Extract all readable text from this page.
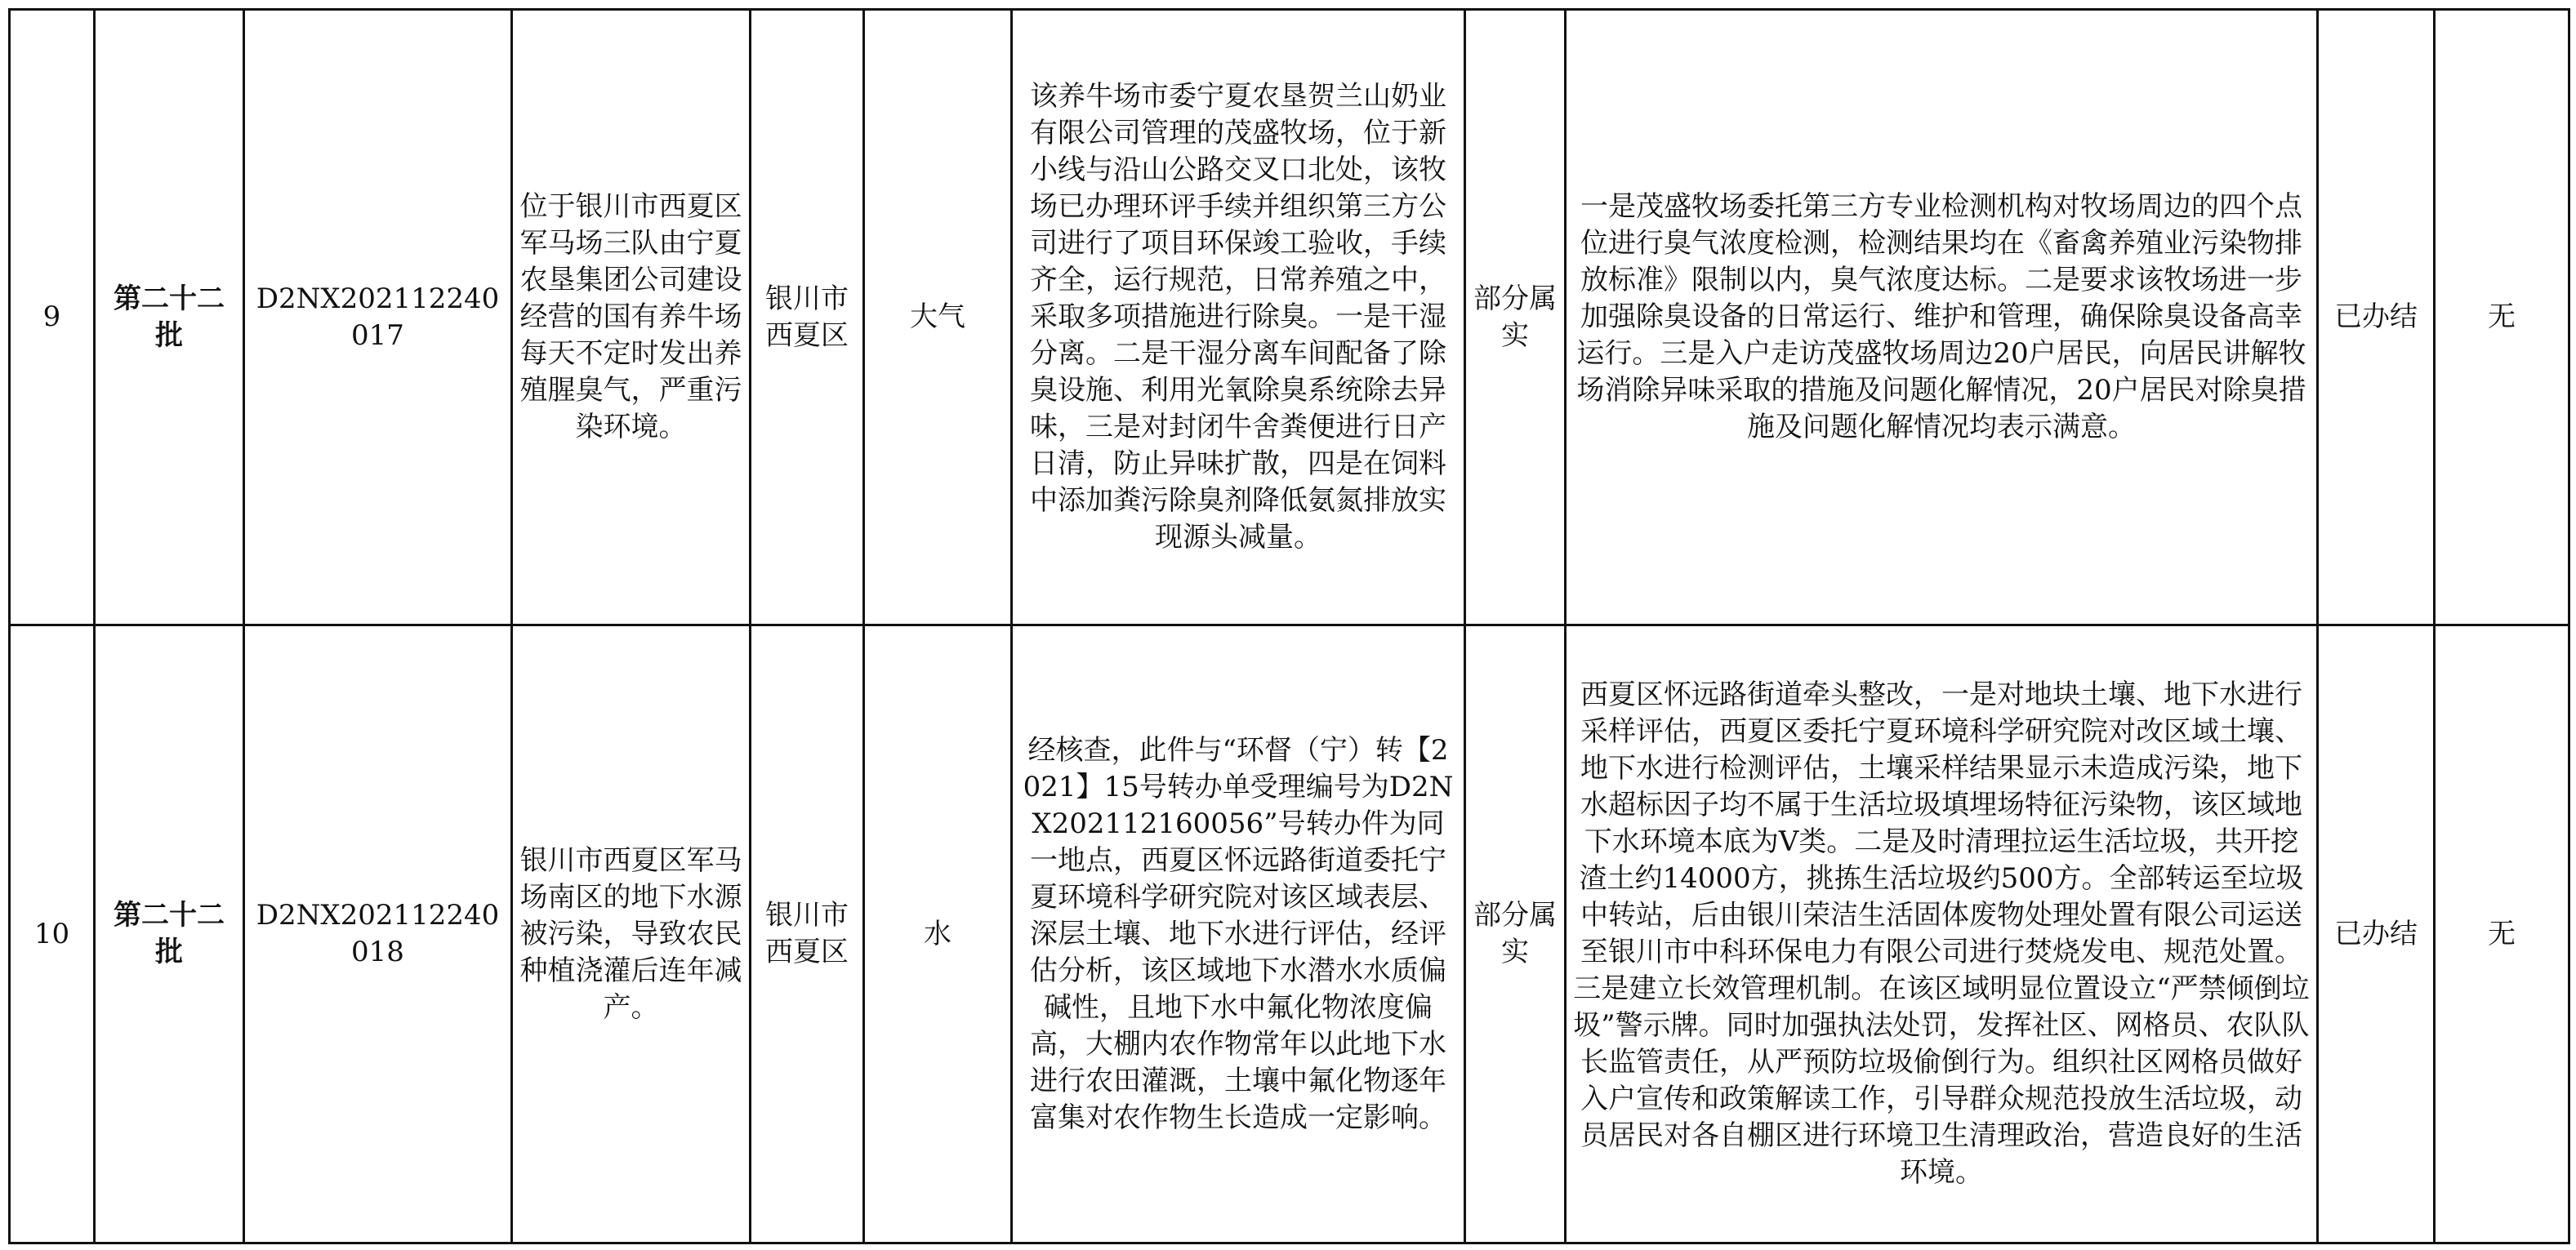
9	第二十二批	D2NX202112240017	位于银川市西夏区军马场三队由宁夏农垦集团公司建设经营的国有养牛场每天不定时发出养殖腥臭气，严重污染环境。	银川市西夏区	大气	该养牛场市委宁夏农垦贺兰山奶业有限公司管理的茂盛牧场，位于新小线与沿山公路交叉口北处，该牧场已办理环评手续并组织第三方公司进行了项目环保竣工验收，手续齐全，运行规范，日常养殖之中，采取多项措施进行除臭。一是干湿分离。二是干湿分离车间配备了除臭设施、利用光氧除臭系统除去异味，三是对封闭牛舍粪便进行日产日清，防止异味扩散，四是在饲料中添加粪污除臭剂降低氨氮排放实现源头减量。	部分属实	一是茂盛牧场委托第三方专业检测机构对牧场周边的四个点位进行臭气浓度检测，检测结果均在《畜禽养殖业污染物排放标准》限制以内，臭气浓度达标。二是要求该牧场进一步加强除臭设备的日常运行、维护和管理，确保除臭设备高幸运行。三是入户走访茂盛牧场周边20户居民，向居民讲解牧场消除异味采取的措施及问题化解情况，20户居民对除臭措施及问题化解情况均表示满意。	已办结	无
10	第二十二批	D2NX202112240018	银川市西夏区军马场南区的地下水源被污染，导致农民种植浇灌后连年减产。	银川市西夏区	水	经核查，此件与“环督（宁）转【2021】15号转办单受理编号为D2NX202112160056”号转办件为同一地点，西夏区怀远路街道委托宁夏环境科学研究院对该区域表层、深层土壤、地下水进行评估，经评估分析，该区域地下水潜水水质偏碱性，且地下水中氟化物浓度偏高，大棚内农作物常年以此地下水进行农田灌溉，土壤中氟化物逐年富集对农作物生长造成一定影响。	部分属实	西夏区怀远路街道牵头整改，一是对地块土壤、地下水进行采样评估，西夏区委托宁夏环境科学研究院对改区域土壤、地下水进行检测评估，土壤采样结果显示未造成污染，地下水超标因子均不属于生活垃圾填埋场特征污染物，该区域地下水环境本底为Ⅴ类。二是及时清理拉运生活垃圾，共开挖渣土约14000方，挑拣生活垃圾约500方。全部转运至垃圾中转站，后由银川荣洁生活固体废物处理处置有限公司运送至银川市中科环保电力有限公司进行焚烧发电、规范处置。三是建立长效管理机制。在该区域明显位置设立“严禁倾倒垃圾”警示牌。同时加强执法处罚，发挥社区、网格员、农队队长监管责任，从严预防垃圾偷倒行为。组织社区网格员做好入户宣传和政策解读工作，引导群众规范投放生活垃圾，动员居民对各自棚区进行环境卫生清理政治，营造良好的生活环境。	已办结	无
